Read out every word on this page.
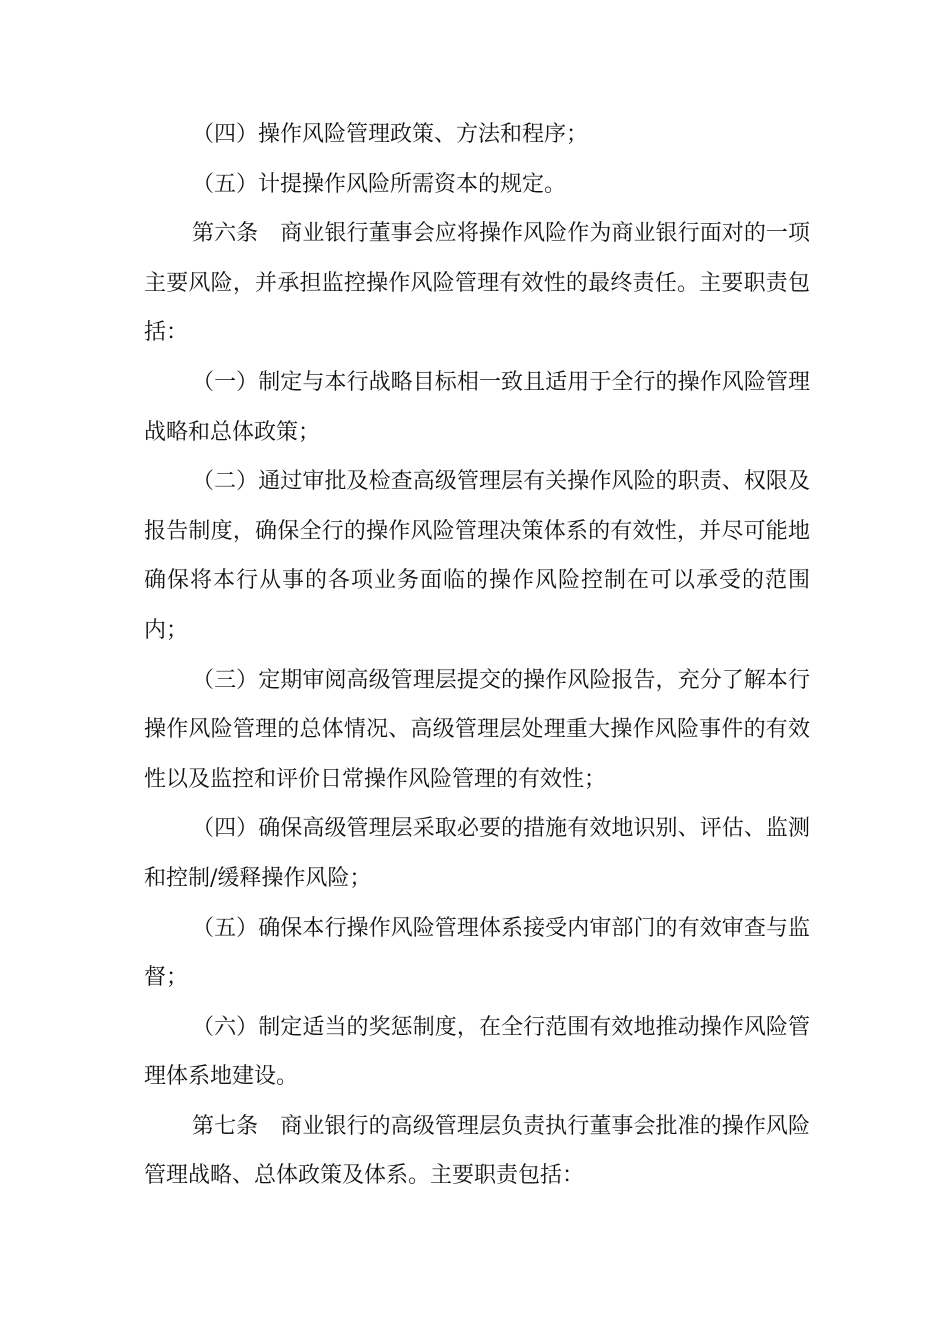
（四）操作风险管理政策、方法和程序；

（五）计提操作风险所需资本的规定。

第六条　商业银行董事会应将操作风险作为商业银行面对的一项主要风险，并承担监控操作风险管理有效性的最终责任。主要职责包括：

（一）制定与本行战略目标相一致且适用于全行的操作风险管理战略和总体政策；

（二）通过审批及检查高级管理层有关操作风险的职责、权限及报告制度，确保全行的操作风险管理决策体系的有效性，并尽可能地确保将本行从事的各项业务面临的操作风险控制在可以承受的范围内；

（三）定期审阅高级管理层提交的操作风险报告，充分了解本行操作风险管理的总体情况、高级管理层处理重大操作风险事件的有效性以及监控和评价日常操作风险管理的有效性；

（四）确保高级管理层采取必要的措施有效地识别、评估、监测和控制/缓释操作风险；

（五）确保本行操作风险管理体系接受内审部门的有效审查与监督；

（六）制定适当的奖惩制度，在全行范围有效地推动操作风险管理体系地建设。

第七条　商业银行的高级管理层负责执行董事会批准的操作风险管理战略、总体政策及体系。主要职责包括：
